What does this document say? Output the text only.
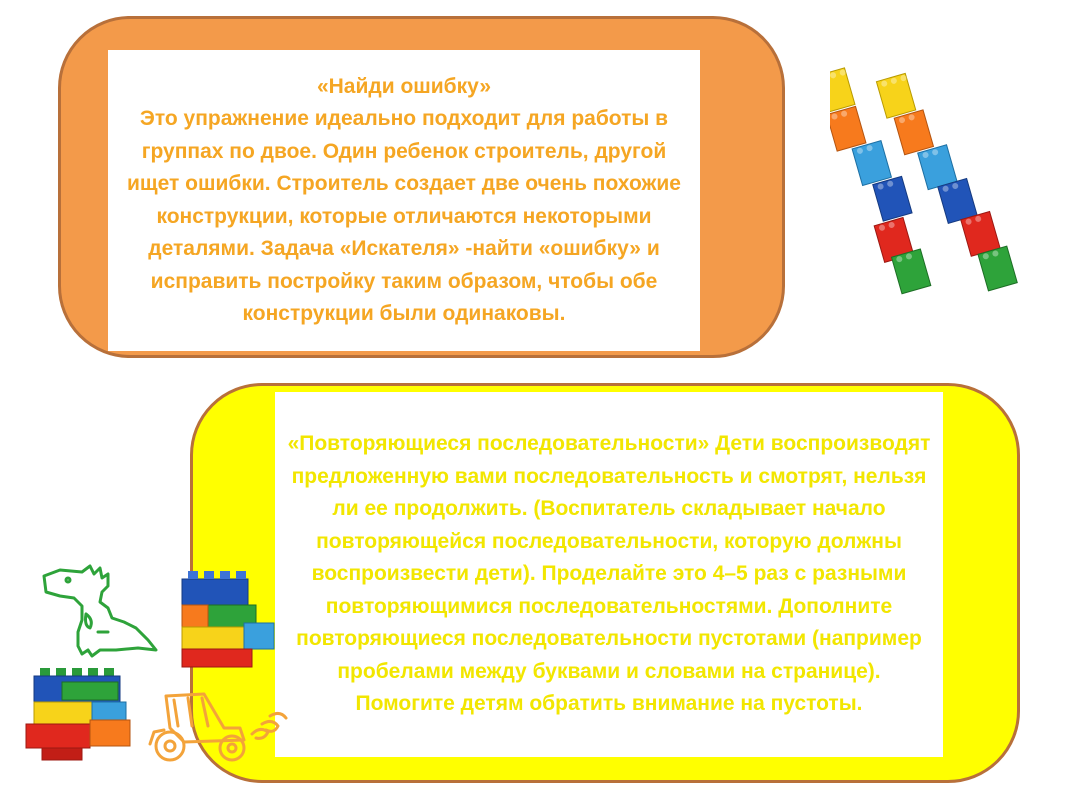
«Найди ошибку»

Это упражнение идеально подходит для работы в группах по двое. Один ребенок строитель, другой ищет ошибки. Строитель создает две очень похожие конструкции, которые отличаются некоторыми деталями. Задача «Искателя» -найти «ошибку» и исправить постройку таким образом, чтобы обе конструкции были одинаковы.

«Повторяющиеся последовательности» Дети воспроизводят предложенную вами последовательность и смотрят, нельзя ли ее продолжить. (Воспитатель складывает начало повторяющейся последовательности, которую должны воспроизвести дети). Проделайте это 4–5 раз с разными повторяющимися последовательностями. Дополните повторяющиеся последовательности пустотами (например пробелами между буквами и словами на странице). Помогите детям обратить внимание на пустоты.
